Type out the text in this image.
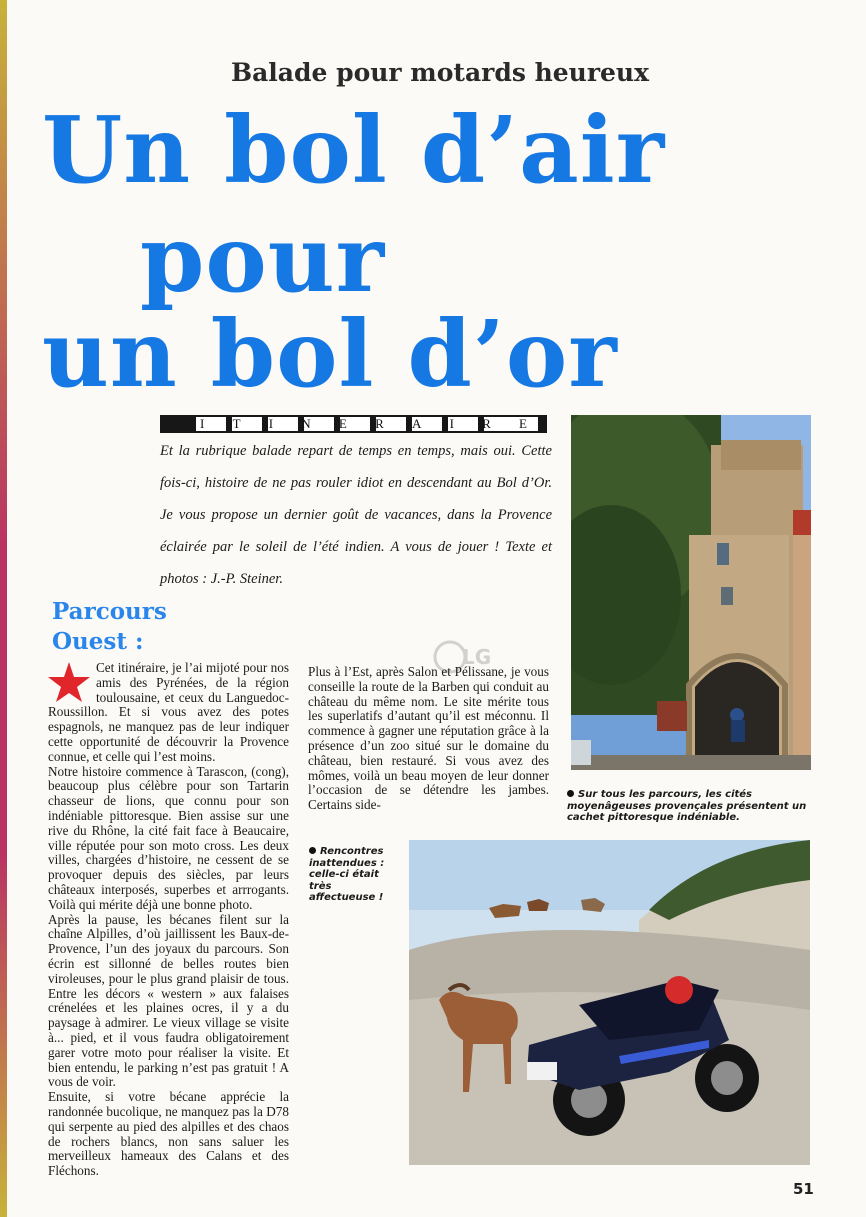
Balade pour motards heureux
Un bol d’air
pour
un bol d’or
I T I N E R A I R E
Et la rubrique balade repart de temps en temps, mais oui. Cette fois-ci, histoire de ne pas rouler idiot en descendant au Bol d’Or. Je vous propose un dernier goût de vacances, dans la Provence éclairée par le soleil de l’été indien. A vous de jouer ! Texte et photos : J.-P. Steiner.
Parcours
Ouest :

Cet itinéraire, je l’ai mijoté pour nos amis des Pyrénées, de la région toulousaine, et ceux du Languedoc-Roussillon. Et si vous avez des potes espagnols, ne manquez pas de leur indiquer cette opportunité de découvrir la Provence connue, et celle qui l’est moins.

Notre histoire commence à Tarascon, (cong), beaucoup plus célèbre pour son Tartarin chasseur de lions, que connu pour son indéniable pittoresque. Bien assise sur une rive du Rhône, la cité fait face à Beaucaire, ville réputée pour son moto cross. Les deux villes, chargées d’histoire, ne cessent de se provoquer depuis des siècles, par leurs châteaux interposés, superbes et arrrogants. Voilà qui mérite déjà une bonne photo.

Après la pause, les bécanes filent sur la chaîne Alpilles, d’où jaillissent les Baux-de-Provence, l’un des joyaux du parcours. Son écrin est sillonné de belles routes bien viroleuses, pour le plus grand plaisir de tous. Entre les décors « western » aux falaises crénelées et les plaines ocres, il y a du paysage à admirer. Le vieux village se visite à... pied, et il vous faudra obligatoirement garer votre moto pour réaliser la visite. Et bien entendu, le parking n’est pas gratuit ! A vous de voir.

Ensuite, si votre bécane apprécie la randonnée bucolique, ne manquez pas la D78 qui serpente au pied des alpilles et des chaos de rochers blancs, non sans saluer les merveilleux hameaux des Calans et des Fléchons.

LG

Plus à l’Est, après Salon et Pélissane, je vous conseille la route de la Barben qui conduit au château du même nom. Le site mérite tous les superlatifs d’autant qu’il est méconnu. Il commence à gagner une réputation grâce à la présence d’un zoo situé sur le domaine du château, bien restauré. Si vous avez des mômes, voilà un beau moyen de leur donner l’occasion de se détendre les jambes. Certains side-

Sur tous les parcours, les cités moyenâgeuses provençales présentent un cachet pittoresque indéniable.
Rencontres inattendues : celle-ci était très affectueuse !
51
